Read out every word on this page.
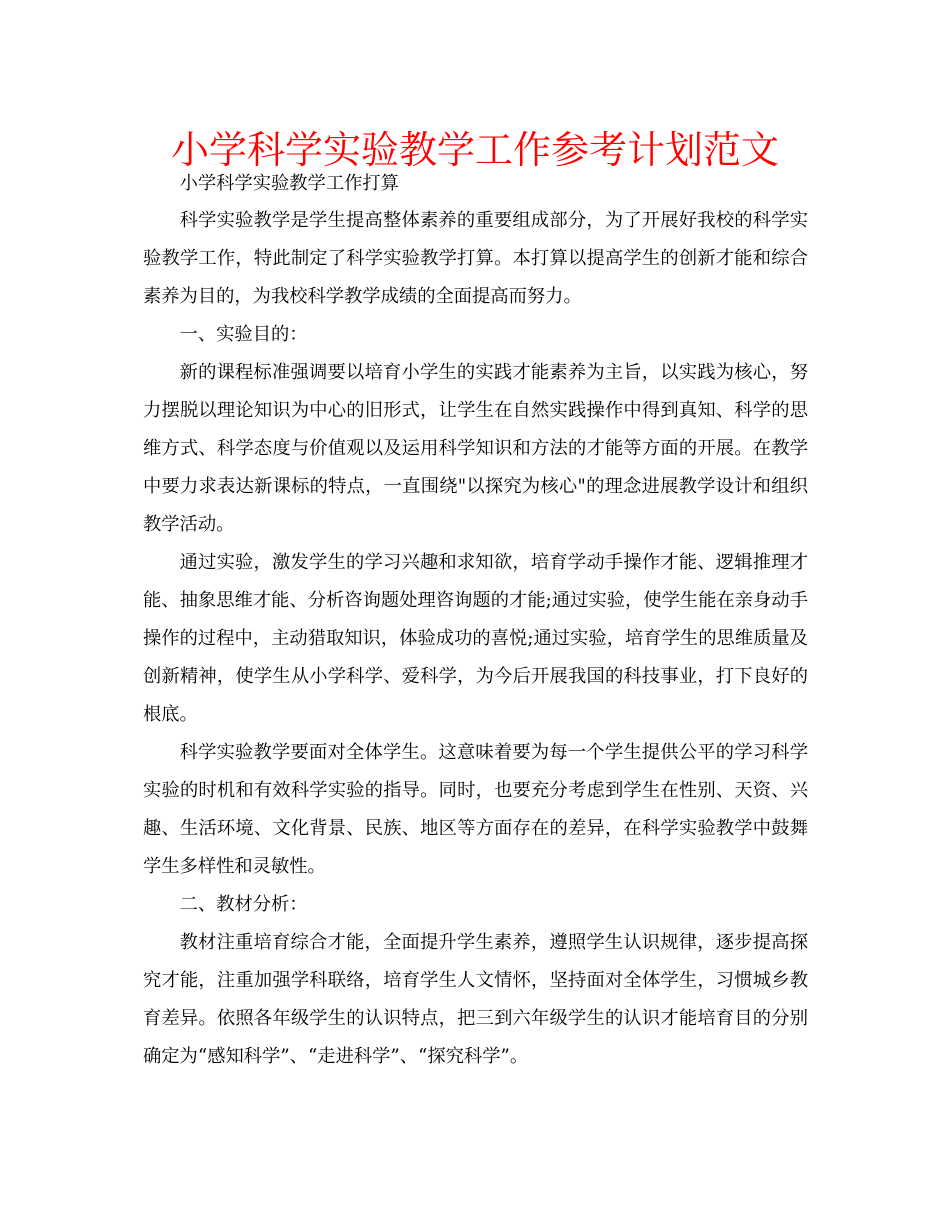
小学科学实验教学工作参考计划范文

小学科学实验教学工作打算

科学实验教学是学生提高整体素养的重要组成部分，为了开展好我校的科学实验教学工作，特此制定了科学实验教学打算。本打算以提高学生的创新才能和综合素养为目的，为我校科学教学成绩的全面提高而努力。

一、实验目的：

新的课程标准强调要以培育小学生的实践才能素养为主旨，以实践为核心，努力摆脱以理论知识为中心的旧形式，让学生在自然实践操作中得到真知、科学的思维方式、科学态度与价值观以及运用科学知识和方法的才能等方面的开展。在教学中要力求表达新课标的特点，一直围绕"以探究为核心"的理念进展教学设计和组织教学活动。

通过实验，激发学生的学习兴趣和求知欲，培育学动手操作才能、逻辑推理才能、抽象思维才能、分析咨询题处理咨询题的才能;通过实验，使学生能在亲身动手操作的过程中，主动猎取知识，体验成功的喜悦;通过实验，培育学生的思维质量及创新精神，使学生从小学科学、爱科学，为今后开展我国的科技事业，打下良好的根底。

科学实验教学要面对全体学生。这意味着要为每一个学生提供公平的学习科学实验的时机和有效科学实验的指导。同时，也要充分考虑到学生在性别、天资、兴趣、生活环境、文化背景、民族、地区等方面存在的差异，在科学实验教学中鼓舞学生多样性和灵敏性。

二、教材分析：

教材注重培育综合才能，全面提升学生素养，遵照学生认识规律，逐步提高探究才能，注重加强学科联络，培育学生人文情怀，坚持面对全体学生，习惯城乡教育差异。依照各年级学生的认识特点，把三到六年级学生的认识才能培育目的分别确定为“感知科学”、“走进科学”、“探究科学”。
